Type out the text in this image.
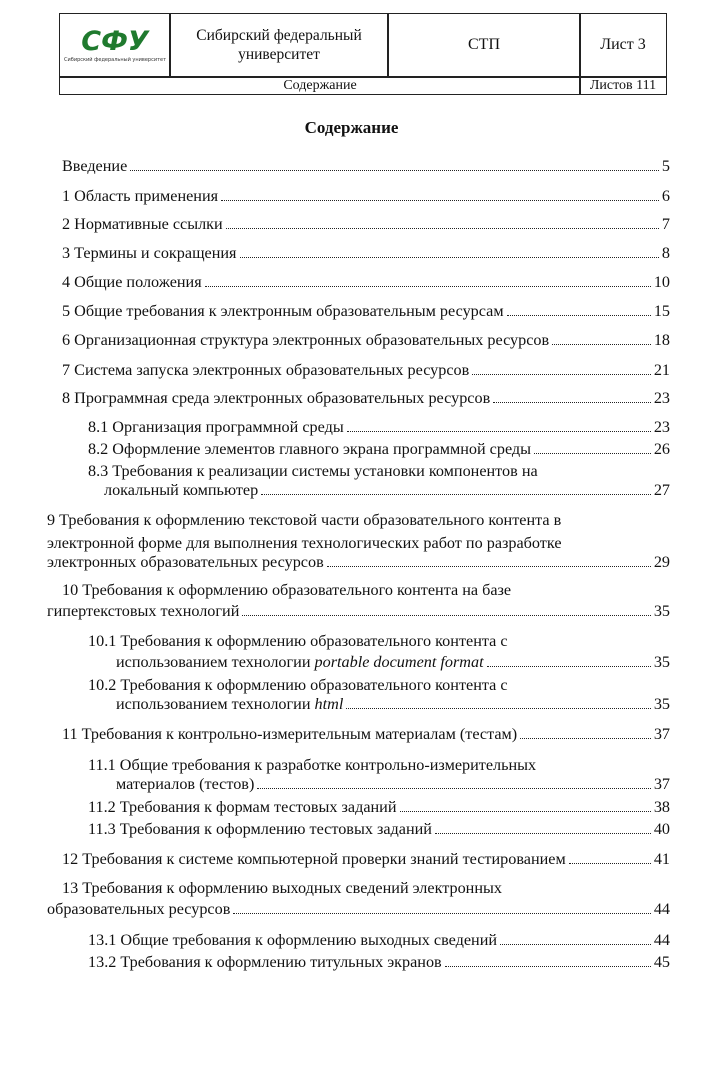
СФУ
Сибирский федеральный университет
Сибирский федеральный университет
СТП	Лист 3
Содержание	Листов 111
Содержание
Введение	5
1 Область применения	6
2 Нормативные ссылки	7
3 Термины и сокращения	8
4 Общие положения	10
5 Общие требования к электронным образовательным ресурсам	15
6 Организационная структура электронных образовательных ресурсов	18
7 Система запуска электронных образовательных ресурсов	21
8 Программная среда электронных образовательных ресурсов	23
8.1 Организация программной среды	23
8.2 Оформление элементов главного экрана программной среды	26
8.3 Требования к реализации системы установки компонентов на
локальный компьютер	27
9 Требования к оформлению текстовой части образовательного контента в
электронной форме для выполнения технологических работ по разработке
электронных образовательных ресурсов	29
10 Требования к оформлению образовательного контента на базе
гипертекстовых технологий	35
10.1 Требования к оформлению образовательного контента с
использованием технологии portable document format	35
10.2 Требования к оформлению образовательного контента с
использованием технологии html	35
11 Требования к контрольно-измерительным материалам (тестам)	37
11.1 Общие требования к разработке контрольно-измерительных
материалов (тестов)	37
11.2 Требования к формам тестовых заданий	38
11.3 Требования к оформлению тестовых заданий	40
12 Требования к системе компьютерной проверки знаний тестированием	41
13 Требования к оформлению выходных сведений электронных
образовательных ресурсов	44
13.1 Общие требования к оформлению выходных сведений	44
13.2 Требования к оформлению титульных экранов	45
